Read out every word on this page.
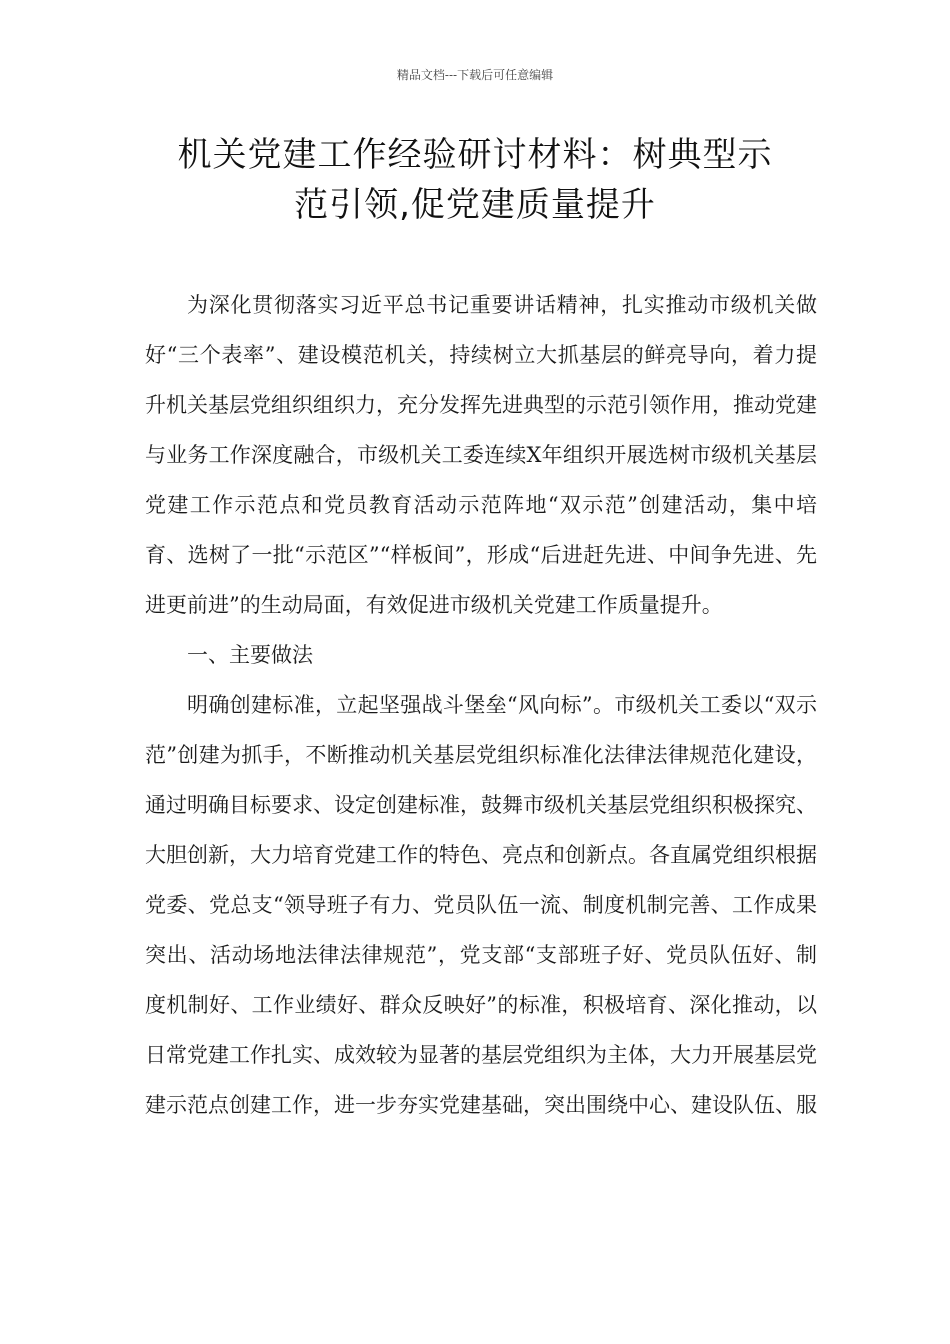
精品文档---下载后可任意编辑
机关党建工作经验研讨材料：树典型示
范引领,促党建质量提升

为深化贯彻落实习近平总书记重要讲话精神，扎实推动市级机关做好“三个表率”、建设模范机关，持续树立大抓基层的鲜亮导向，着力提升机关基层党组织组织力，充分发挥先进典型的示范引领作用，推动党建与业务工作深度融合，市级机关工委连续X年组织开展选树市级机关基层党建工作示范点和党员教育活动示范阵地“双示范”创建活动，集中培育、选树了一批“示范区”“样板间”，形成“后进赶先进、中间争先进、先进更前进”的生动局面，有效促进市级机关党建工作质量提升。

一、主要做法

明确创建标准，立起坚强战斗堡垒“风向标”。市级机关工委以“双示范”创建为抓手，不断推动机关基层党组织标准化法律法律规范化建设，通过明确目标要求、设定创建标准，鼓舞市级机关基层党组织积极探究、大胆创新，大力培育党建工作的特色、亮点和创新点。各直属党组织根据党委、党总支“领导班子有力、党员队伍一流、制度机制完善、工作成果突出、活动场地法律法律规范”，党支部“支部班子好、党员队伍好、制度机制好、工作业绩好、群众反映好”的标准，积极培育、深化推动，以日常党建工作扎实、成效较为显著的基层党组织为主体，大力开展基层党建示范点创建工作，进一步夯实党建基础，突出围绕中心、建设队伍、服
